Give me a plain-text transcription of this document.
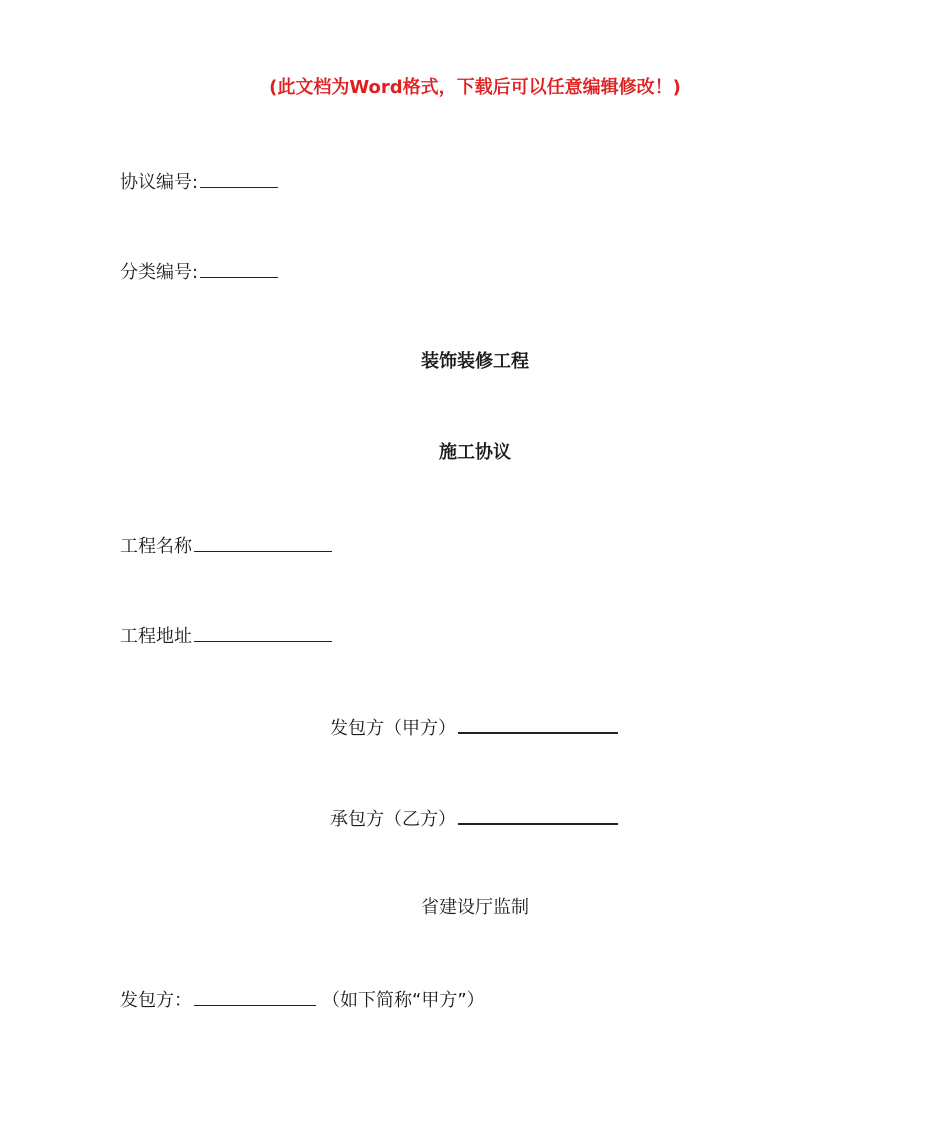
(此文档为Word格式，下载后可以任意编辑修改！)
协议编号:
分类编号:
装饰装修工程
施工协议
工程名称
工程地址
发包方（甲方）
承包方（乙方）
省建设厅监制
发包方：	（如下简称“甲方”）
